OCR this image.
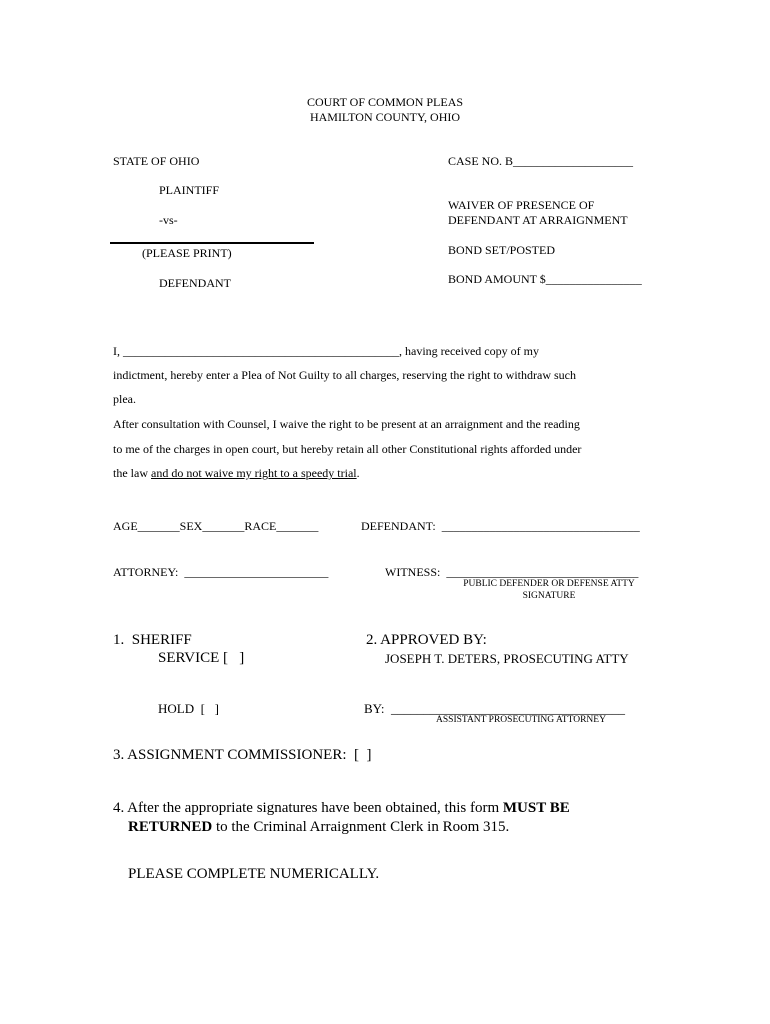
COURT OF COMMON PLEAS
HAMILTON COUNTY, OHIO
STATE OF OHIO
PLAINTIFF
-vs-
(PLEASE PRINT)
DEFENDANT
CASE NO. B____________________
WAIVER OF PRESENCE OF
DEFENDANT AT ARRAIGNMENT
BOND SET/POSTED
BOND AMOUNT $________________
I, ______________________________________________, having received copy of my
indictment, hereby enter a Plea of Not Guilty to all charges, reserving the right to withdraw such
plea.
After consultation with Counsel, I waive the right to be present at an arraignment and the reading
to me of the charges in open court, but hereby retain all other Constitutional rights afforded under
the law and do not waive my right to a speedy trial.
AGE_______SEX_______RACE_______	DEFENDANT:  _________________________________
ATTORNEY:  ________________________	WITNESS:  ________________________________
PUBLIC DEFENDER OR DEFENSE ATTY
SIGNATURE
1.  SHERIFF
SERVICE [   ]
HOLD  [   ]
2. APPROVED BY:
JOSEPH T. DETERS, PROSECUTING ATTY
BY:  ____________________________________
ASSISTANT PROSECUTING ATTORNEY
3. ASSIGNMENT COMMISSIONER:  [  ]
4. After the appropriate signatures have been obtained, this form MUST BE
RETURNED to the Criminal Arraignment Clerk in Room 315.
PLEASE COMPLETE NUMERICALLY.
